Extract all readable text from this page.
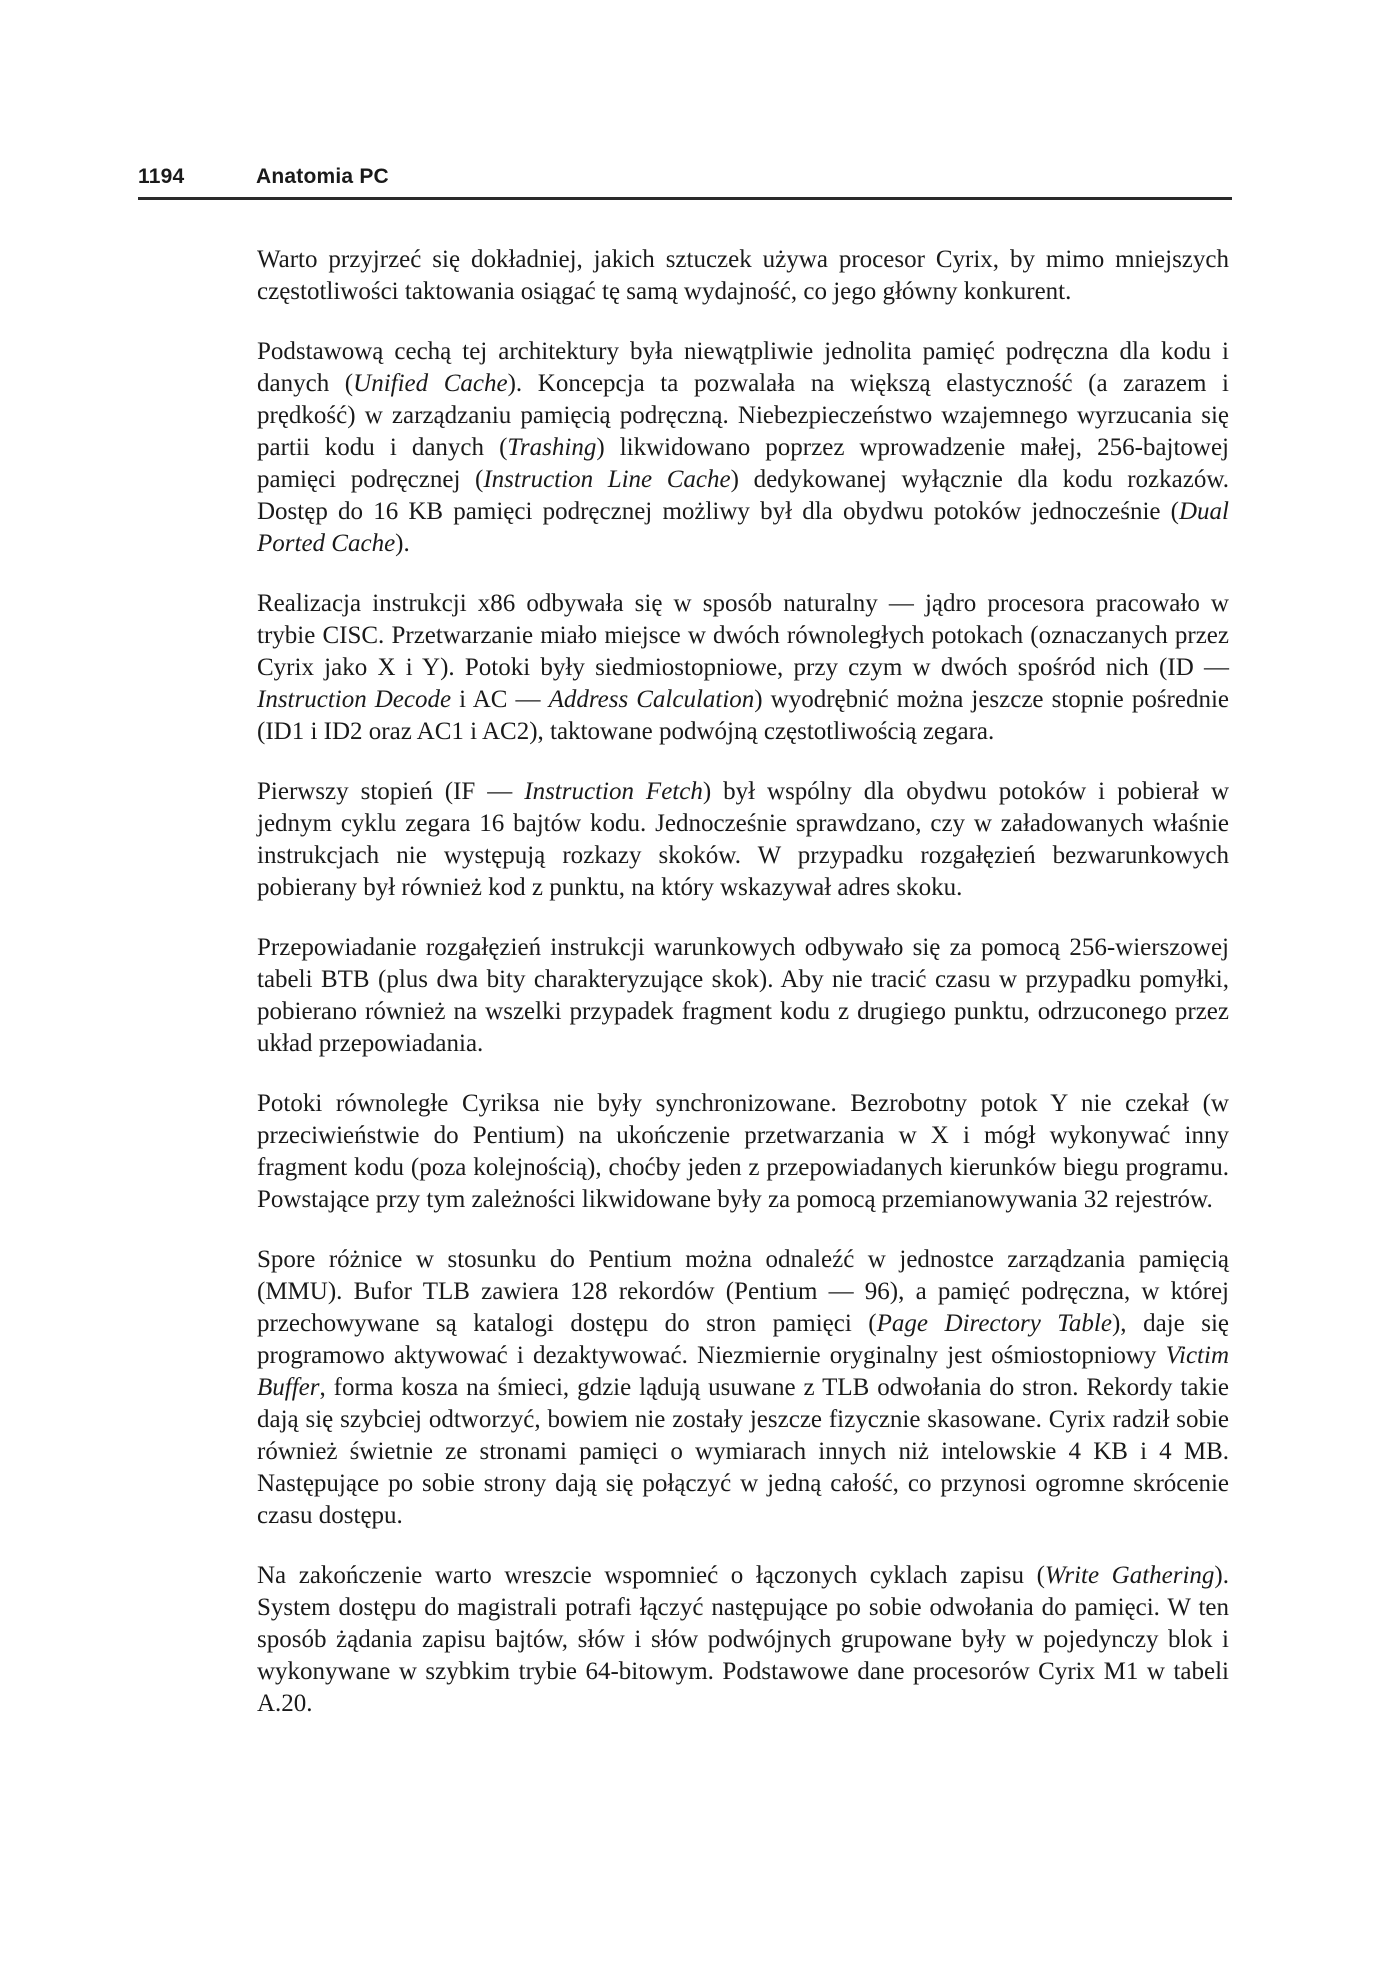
1194	Anatomia PC

Warto przyjrzeć się dokładniej, jakich sztuczek używa procesor Cyrix, by mimo mniejszych częstotliwości taktowania osiągać tę samą wydajność, co jego główny konkurent.

Podstawową cechą tej architektury była niewątpliwie jednolita pamięć podręczna dla kodu i danych (Unified Cache). Koncepcja ta pozwalała na większą elastyczność (a zarazem i prędkość) w zarządzaniu pamięcią podręczną. Niebezpieczeństwo wzajemnego wyrzucania się partii kodu i danych (Trashing) likwidowano poprzez wprowadzenie małej, 256-bajtowej pamięci podręcznej (Instruction Line Cache) dedykowanej wyłącznie dla kodu rozkazów. Dostęp do 16 KB pamięci podręcznej możliwy był dla obydwu potoków jednocześnie (Dual Ported Cache).

Realizacja instrukcji x86 odbywała się w sposób naturalny — jądro procesora pracowało w trybie CISC. Przetwarzanie miało miejsce w dwóch równoległych potokach (oznaczanych przez Cyrix jako X i Y). Potoki były siedmiostopniowe, przy czym w dwóch spośród nich (ID — Instruction Decode i AC — Address Calculation) wyodrębnić można jeszcze stopnie pośrednie (ID1 i ID2 oraz AC1 i AC2), taktowane podwójną częstotliwością zegara.

Pierwszy stopień (IF — Instruction Fetch) był wspólny dla obydwu potoków i pobierał w jednym cyklu zegara 16 bajtów kodu. Jednocześnie sprawdzano, czy w załadowanych właśnie instrukcjach nie występują rozkazy skoków. W przypadku rozgałęzień bezwarunkowych pobierany był również kod z punktu, na który wskazywał adres skoku.

Przepowiadanie rozgałęzień instrukcji warunkowych odbywało się za pomocą 256-wierszowej tabeli BTB (plus dwa bity charakteryzujące skok). Aby nie tracić czasu w przypadku pomyłki, pobierano również na wszelki przypadek fragment kodu z drugiego punktu, odrzuconego przez układ przepowiadania.

Potoki równoległe Cyriksa nie były synchronizowane. Bezrobotny potok Y nie czekał (w przeciwieństwie do Pentium) na ukończenie przetwarzania w X i mógł wykonywać inny fragment kodu (poza kolejnością), choćby jeden z przepowiadanych kierunków biegu programu. Powstające przy tym zależności likwidowane były za pomocą przemianowywania 32 rejestrów.

Spore różnice w stosunku do Pentium można odnaleźć w jednostce zarządzania pamięcią (MMU). Bufor TLB zawiera 128 rekordów (Pentium — 96), a pamięć podręczna, w której przechowywane są katalogi dostępu do stron pamięci (Page Directory Table), daje się programowo aktywować i dezaktywować. Niezmiernie oryginalny jest ośmiostopniowy Victim Buffer, forma kosza na śmieci, gdzie lądują usuwane z TLB odwołania do stron. Rekordy takie dają się szybciej odtworzyć, bowiem nie zostały jeszcze fizycznie skasowane. Cyrix radził sobie również świetnie ze stronami pamięci o wymiarach innych niż intelowskie 4 KB i 4 MB. Następujące po sobie strony dają się połączyć w jedną całość, co przynosi ogromne skrócenie czasu dostępu.

Na zakończenie warto wreszcie wspomnieć o łączonych cyklach zapisu (Write Gathering). System dostępu do magistrali potrafi łączyć następujące po sobie odwołania do pamięci. W ten sposób żądania zapisu bajtów, słów i słów podwójnych grupowane były w pojedynczy blok i wykonywane w szybkim trybie 64-bitowym. Podstawowe dane procesorów Cyrix M1 w tabeli A.20.
